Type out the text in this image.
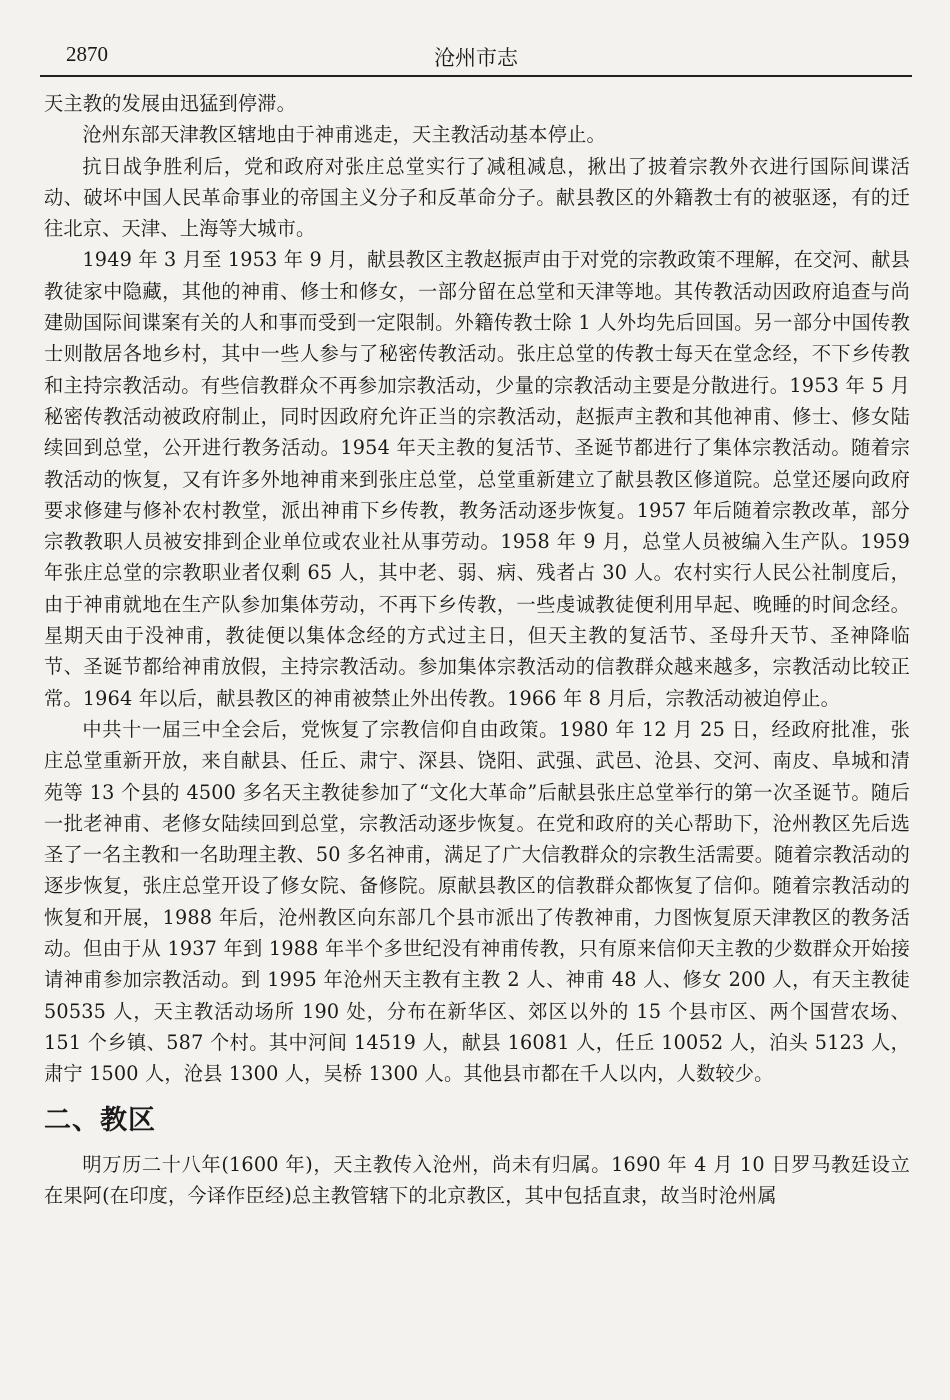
2870	沧州市志

天主教的发展由迅猛到停滞。

沧州东部天津教区辖地由于神甫逃走，天主教活动基本停止。

抗日战争胜利后，党和政府对张庄总堂实行了减租减息，揪出了披着宗教外衣进行国际间谍活动、破坏中国人民革命事业的帝国主义分子和反革命分子。献县教区的外籍教士有的被驱逐，有的迁往北京、天津、上海等大城市。

1949 年 3 月至 1953 年 9 月，献县教区主教赵振声由于对党的宗教政策不理解，在交河、献县教徒家中隐藏，其他的神甫、修士和修女，一部分留在总堂和天津等地。其传教活动因政府追查与尚建勋国际间谍案有关的人和事而受到一定限制。外籍传教士除 1 人外均先后回国。另一部分中国传教士则散居各地乡村，其中一些人参与了秘密传教活动。张庄总堂的传教士每天在堂念经，不下乡传教和主持宗教活动。有些信教群众不再参加宗教活动，少量的宗教活动主要是分散进行。1953 年 5 月秘密传教活动被政府制止，同时因政府允许正当的宗教活动，赵振声主教和其他神甫、修士、修女陆续回到总堂，公开进行教务活动。1954 年天主教的复活节、圣诞节都进行了集体宗教活动。随着宗教活动的恢复，又有许多外地神甫来到张庄总堂，总堂重新建立了献县教区修道院。总堂还屡向政府要求修建与修补农村教堂，派出神甫下乡传教，教务活动逐步恢复。1957 年后随着宗教改革，部分宗教教职人员被安排到企业单位或农业社从事劳动。1958 年 9 月，总堂人员被编入生产队。1959 年张庄总堂的宗教职业者仅剩 65 人，其中老、弱、病、残者占 30 人。农村实行人民公社制度后，由于神甫就地在生产队参加集体劳动，不再下乡传教，一些虔诚教徒便利用早起、晚睡的时间念经。星期天由于没神甫，教徒便以集体念经的方式过主日，但天主教的复活节、圣母升天节、圣神降临节、圣诞节都给神甫放假，主持宗教活动。参加集体宗教活动的信教群众越来越多，宗教活动比较正常。1964 年以后，献县教区的神甫被禁止外出传教。1966 年 8 月后，宗教活动被迫停止。

中共十一届三中全会后，党恢复了宗教信仰自由政策。1980 年 12 月 25 日，经政府批准，张庄总堂重新开放，来自献县、任丘、肃宁、深县、饶阳、武强、武邑、沧县、交河、南皮、阜城和清苑等 13 个县的 4500 多名天主教徒参加了“文化大革命”后献县张庄总堂举行的第一次圣诞节。随后一批老神甫、老修女陆续回到总堂，宗教活动逐步恢复。在党和政府的关心帮助下，沧州教区先后选圣了一名主教和一名助理主教、50 多名神甫，满足了广大信教群众的宗教生活需要。随着宗教活动的逐步恢复，张庄总堂开设了修女院、备修院。原献县教区的信教群众都恢复了信仰。随着宗教活动的恢复和开展，1988 年后，沧州教区向东部几个县市派出了传教神甫，力图恢复原天津教区的教务活动。但由于从 1937 年到 1988 年半个多世纪没有神甫传教，只有原来信仰天主教的少数群众开始接请神甫参加宗教活动。到 1995 年沧州天主教有主教 2 人、神甫 48 人、修女 200 人，有天主教徒 50535 人，天主教活动场所 190 处，分布在新华区、郊区以外的 15 个县市区、两个国营农场、151 个乡镇、587 个村。其中河间 14519 人，献县 16081 人，任丘 10052 人，泊头 5123 人，肃宁 1500 人，沧县 1300 人，吴桥 1300 人。其他县市都在千人以内，人数较少。

二、教区

明万历二十八年(1600 年)，天主教传入沧州，尚未有归属。1690 年 4 月 10 日罗马教廷设立在果阿(在印度，今译作臣经)总主教管辖下的北京教区，其中包括直隶，故当时沧州属
